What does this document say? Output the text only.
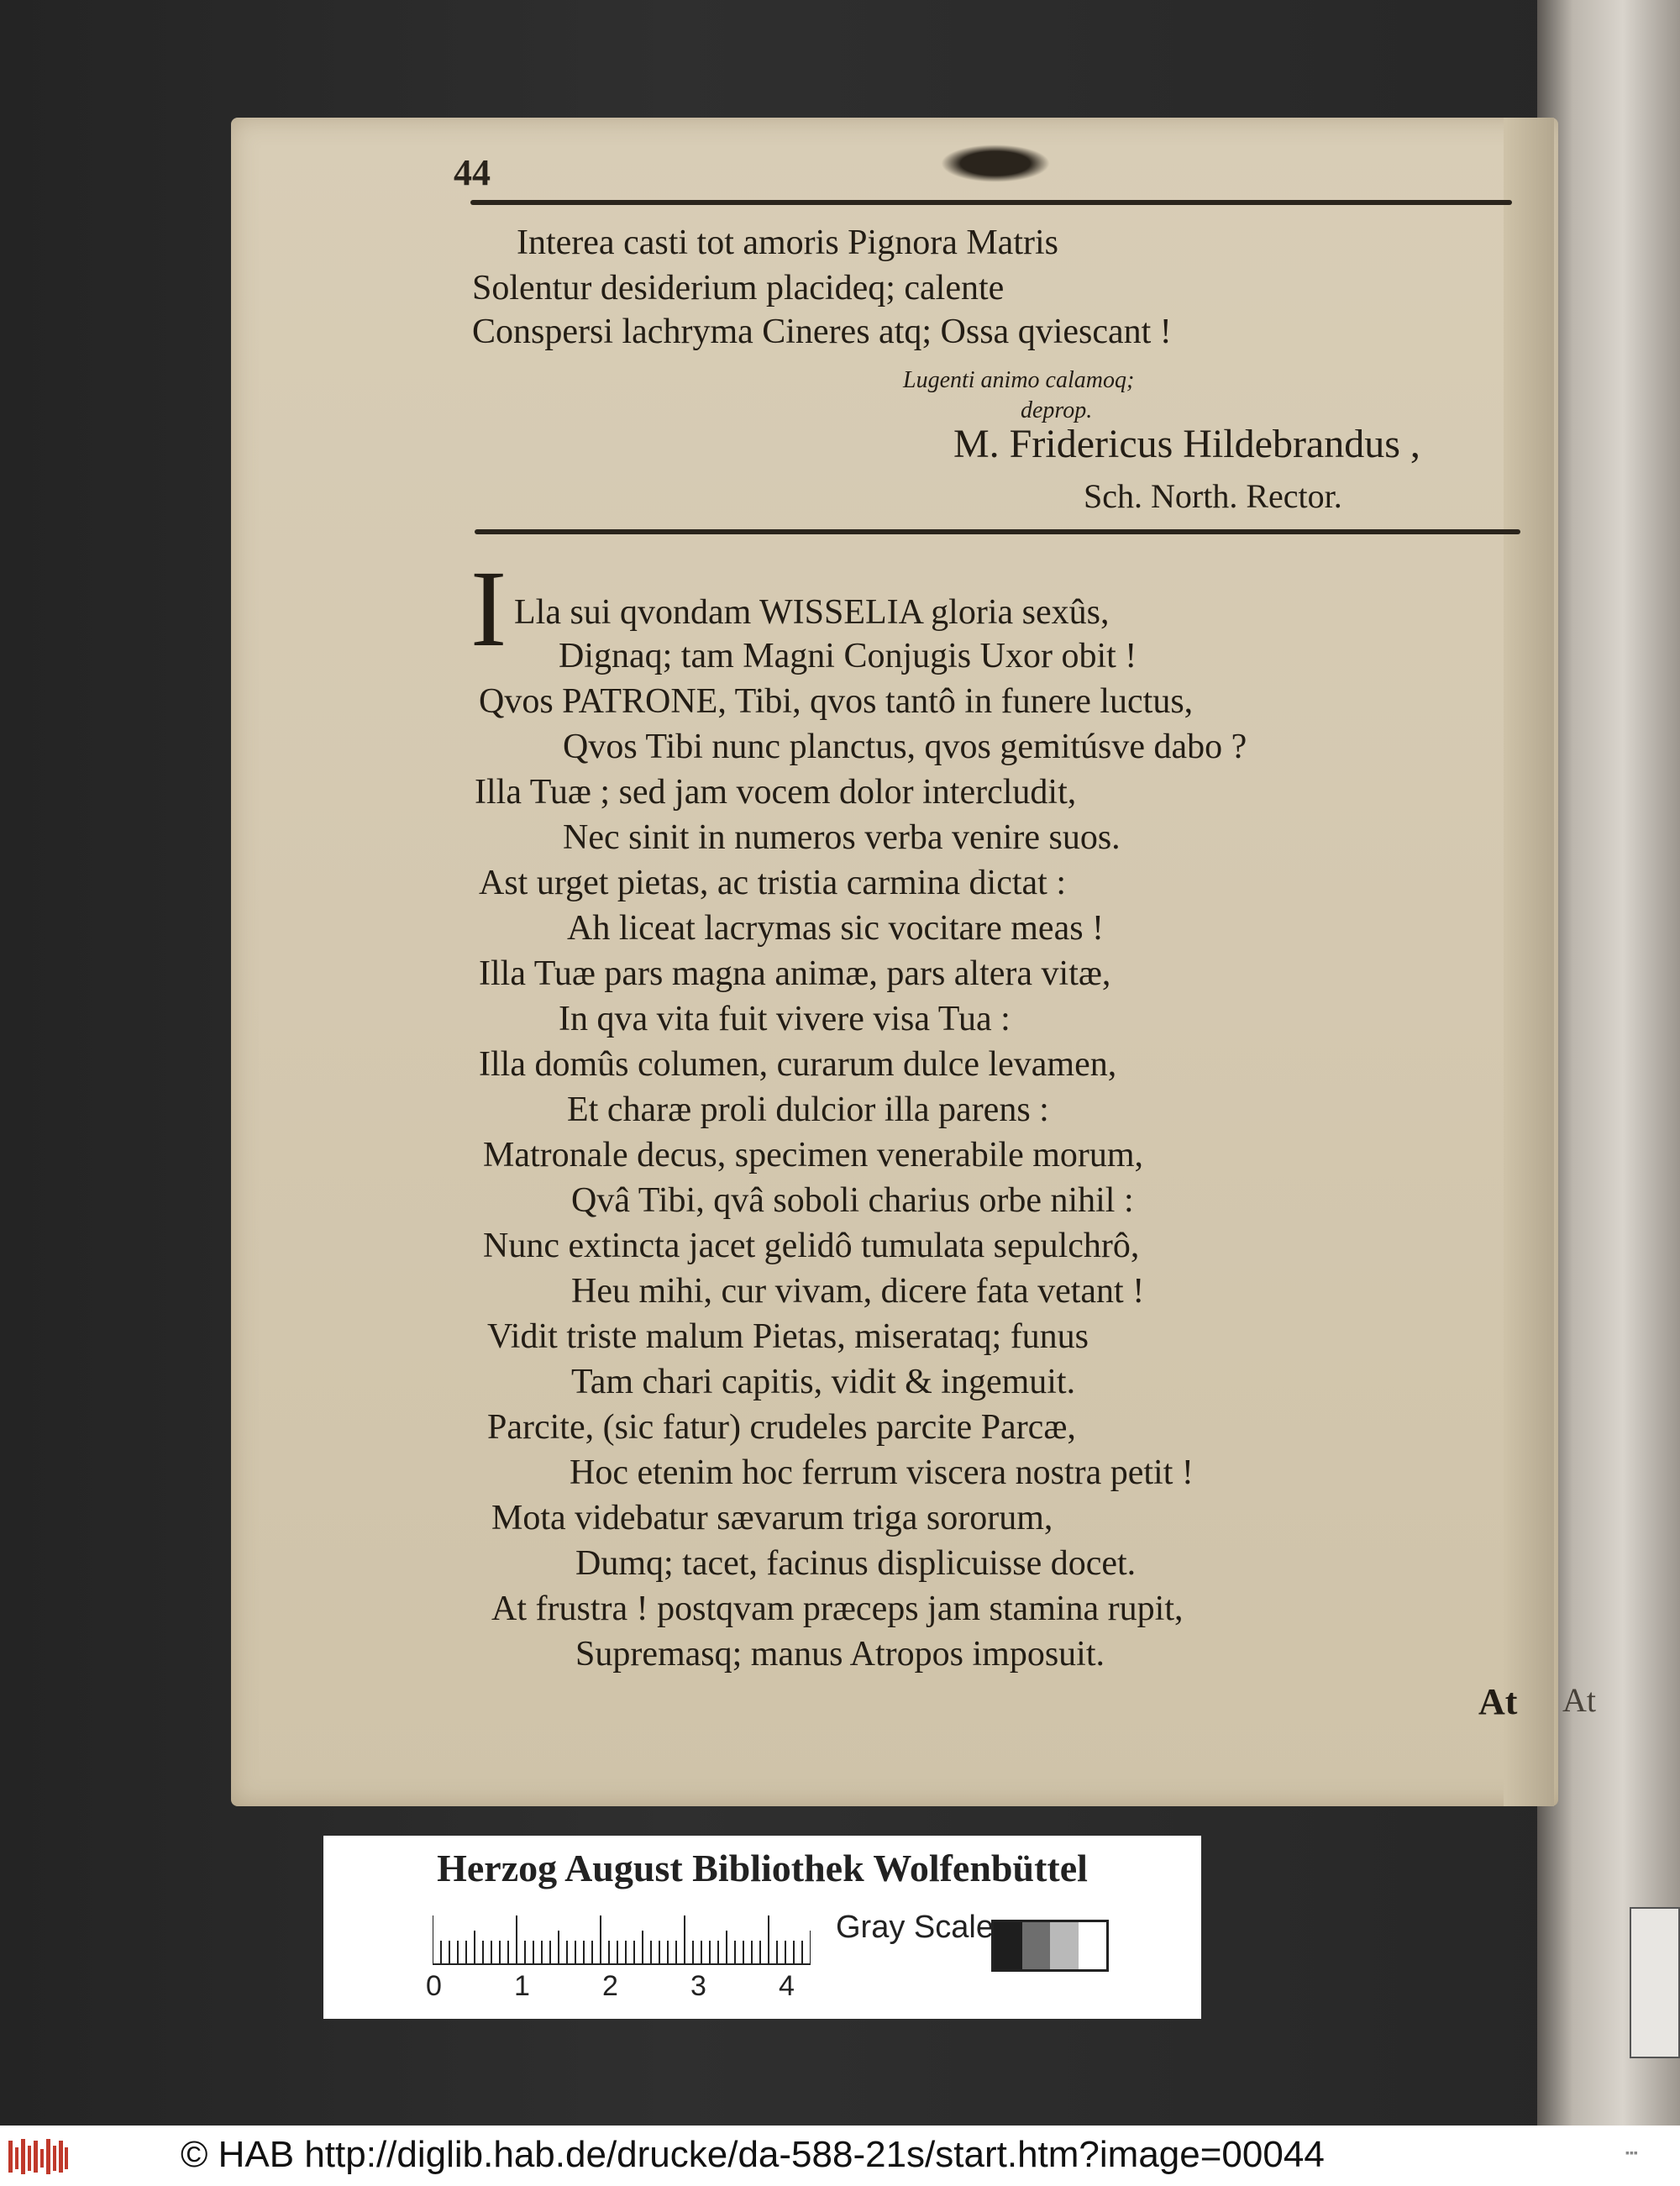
44
Interea casti tot amoris Pignora Matris
Solentur desiderium placideq; calente
Conspersi lachryma Cineres atq; Ossa qviescant !
Lugenti animo calamoq;
deprop.
M. Fridericus Hildebrandus ,
Sch. North. Rector.
I Lla sui qvondam WISSELIA gloria sexûs,
Dignaq; tam Magni Conjugis Uxor obit !
Qvos PATRONE, Tibi, qvos tantô in funere luctus,
Qvos Tibi nunc planctus, qvos gemitúsve dabo ?
Illa Tuæ ; sed jam vocem dolor intercludit,
Nec sinit in numeros verba venire suos.
Ast urget pietas, ac tristia carmina dictat :
Ah liceat lacrymas sic vocitare meas !
Illa Tuæ pars magna animæ, pars altera vitæ,
In qva vita fuit vivere visa Tua :
Illa domûs columen, curarum dulce levamen,
Et charæ proli dulcior illa parens :
Matronale decus, specimen venerabile morum,
Qvâ Tibi, qvâ soboli charius orbe nihil :
Nunc extincta jacet gelidô tumulata sepulchrô,
Heu mihi, cur vivam, dicere fata vetant !
Vidit triste malum Pietas, miserataq; funus
Tam chari capitis, vidit & ingemuit.
Parcite, (sic fatur) crudeles parcite Parcæ,
Hoc etenim hoc ferrum viscera nostra petit !
Mota videbatur sævarum triga sororum,
Dumq; tacet, facinus displicuisse docet.
At frustra ! postqvam præceps jam stamina rupit,
Supremasq; manus Atropos imposuit.
At At
Herzog August Bibliothek Wolfenbüttel
0	1	2	3	4
Gray Scale
© HAB http://diglib.hab.de/drucke/da-588-21s/start.htm?image=00044	▪▪▪
